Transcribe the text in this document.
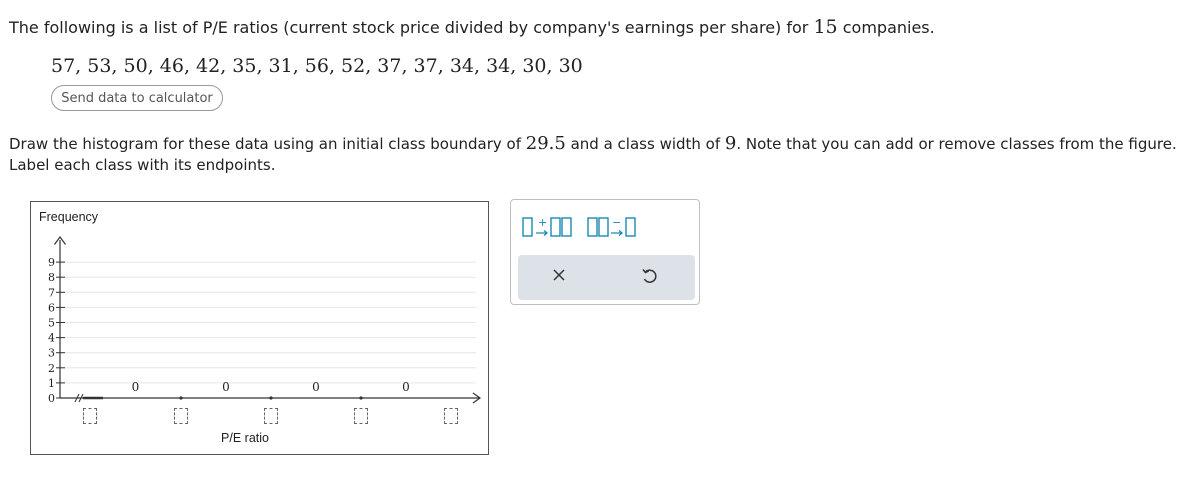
The following is a list of P/E ratios (current stock price divided by company's earnings per share) for 15 companies.

57, 53, 50, 46, 42, 35, 31, 56, 52, 37, 37, 34, 34, 30, 30

Send data to calculator

Draw the histogram for these data using an initial class boundary of 29.5 and a class width of 9. Note that you can add or remove classes from the figure. Label each class with its endpoints.

Frequency
0
1
2
3
4
5
6
7
8
9
0	0	0	0
P/E ratio
+	−
